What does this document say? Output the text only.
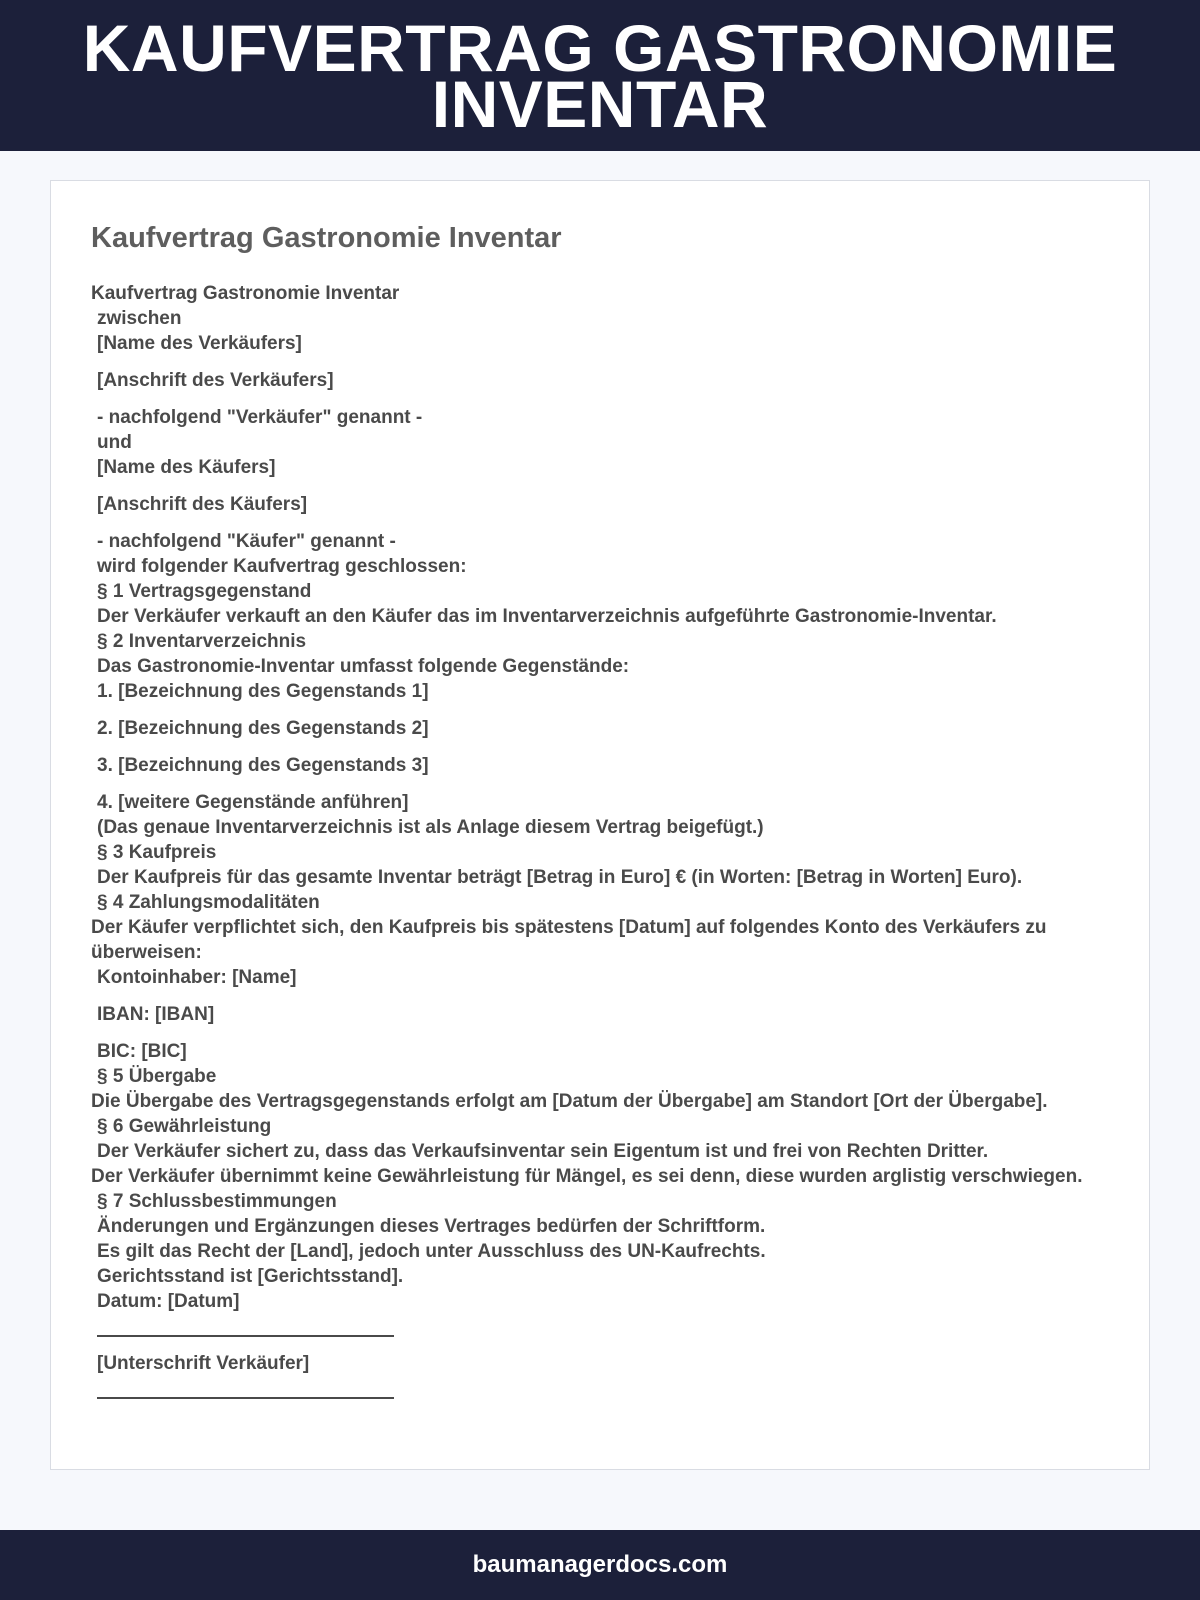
KAUFVERTRAG GASTRONOMIE INVENTAR
Kaufvertrag Gastronomie Inventar
Kaufvertrag Gastronomie Inventar
zwischen
[Name des Verkäufers]
[Anschrift des Verkäufers]
- nachfolgend "Verkäufer" genannt -
und
[Name des Käufers]
[Anschrift des Käufers]
- nachfolgend "Käufer" genannt -
wird folgender Kaufvertrag geschlossen:
§ 1 Vertragsgegenstand
Der Verkäufer verkauft an den Käufer das im Inventarverzeichnis aufgeführte Gastronomie-Inventar.
§ 2 Inventarverzeichnis
Das Gastronomie-Inventar umfasst folgende Gegenstände:
1. [Bezeichnung des Gegenstands 1]
2. [Bezeichnung des Gegenstands 2]
3. [Bezeichnung des Gegenstands 3]
4. [weitere Gegenstände anführen]
(Das genaue Inventarverzeichnis ist als Anlage diesem Vertrag beigefügt.)
§ 3 Kaufpreis
Der Kaufpreis für das gesamte Inventar beträgt [Betrag in Euro] € (in Worten: [Betrag in Worten] Euro).
§ 4 Zahlungsmodalitäten
Der Käufer verpflichtet sich, den Kaufpreis bis spätestens [Datum] auf folgendes Konto des Verkäufers zu überweisen:
Kontoinhaber: [Name]
IBAN: [IBAN]
BIC: [BIC]
§ 5 Übergabe
Die Übergabe des Vertragsgegenstands erfolgt am [Datum der Übergabe] am Standort [Ort der Übergabe].
§ 6 Gewährleistung
Der Verkäufer sichert zu, dass das Verkaufsinventar sein Eigentum ist und frei von Rechten Dritter.
Der Verkäufer übernimmt keine Gewährleistung für Mängel, es sei denn, diese wurden arglistig verschwiegen.
§ 7 Schlussbestimmungen
Änderungen und Ergänzungen dieses Vertrages bedürfen der Schriftform.
Es gilt das Recht der [Land], jedoch unter Ausschluss des UN-Kaufrechts.
Gerichtsstand ist [Gerichtsstand].
Datum: [Datum]
[Unterschrift Verkäufer]
baumanagerdocs.com
